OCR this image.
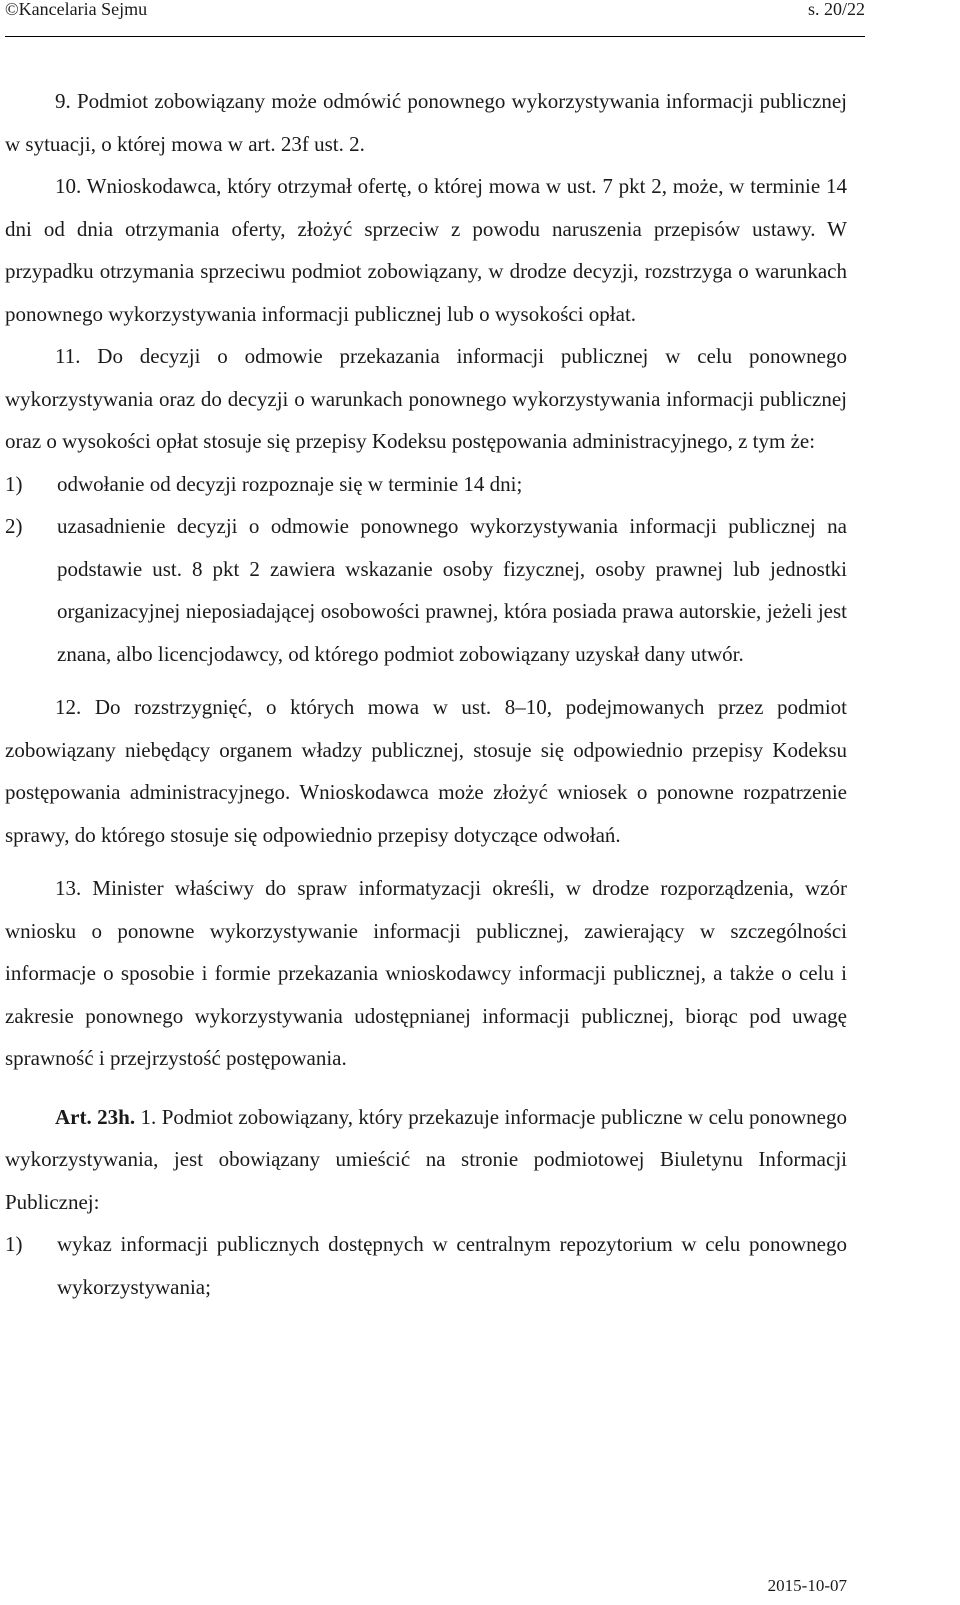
©Kancelaria Sejmu	s. 20/22

9. Podmiot zobowiązany może odmówić ponownego wykorzystywania informacji publicznej w sytuacji, o której mowa w art. 23f ust. 2.

10. Wnioskodawca, który otrzymał ofertę, o której mowa w ust. 7 pkt 2, może, w terminie 14 dni od dnia otrzymania oferty, złożyć sprzeciw z powodu naruszenia przepisów ustawy. W przypadku otrzymania sprzeciwu podmiot zobowiązany, w drodze decyzji, rozstrzyga o warunkach ponownego wykorzystywania informacji publicznej lub o wysokości opłat.

11. Do decyzji o odmowie przekazania informacji publicznej w celu ponownego wykorzystywania oraz do decyzji o warunkach ponownego wykorzystywania informacji publicznej oraz o wysokości opłat stosuje się przepisy Kodeksu postępowania administracyjnego, z tym że:

1)	odwołanie od decyzji rozpoznaje się w terminie 14 dni;
2)	uzasadnienie decyzji o odmowie ponownego wykorzystywania informacji publicznej na podstawie ust. 8 pkt 2 zawiera wskazanie osoby fizycznej, osoby prawnej lub jednostki organizacyjnej nieposiadającej osobowości prawnej, która posiada prawa autorskie, jeżeli jest znana, albo licencjodawcy, od którego podmiot zobowiązany uzyskał dany utwór.

12. Do rozstrzygnięć, o których mowa w ust. 8–10, podejmowanych przez podmiot zobowiązany niebędący organem władzy publicznej, stosuje się odpowiednio przepisy Kodeksu postępowania administracyjnego. Wnioskodawca może złożyć wniosek o ponowne rozpatrzenie sprawy, do którego stosuje się odpowiednio przepisy dotyczące odwołań.

13. Minister właściwy do spraw informatyzacji określi, w drodze rozporządzenia, wzór wniosku o ponowne wykorzystywanie informacji publicznej, zawierający w szczególności informacje o sposobie i formie przekazania wnioskodawcy informacji publicznej, a także o celu i zakresie ponownego wykorzystywania udostępnianej informacji publicznej, biorąc pod uwagę sprawność i przejrzystość postępowania.

Art. 23h. 1. Podmiot zobowiązany, który przekazuje informacje publiczne w celu ponownego wykorzystywania, jest obowiązany umieścić na stronie podmiotowej Biuletynu Informacji Publicznej:

1)	wykaz informacji publicznych dostępnych w centralnym repozytorium w celu ponownego wykorzystywania;
2015-10-07
